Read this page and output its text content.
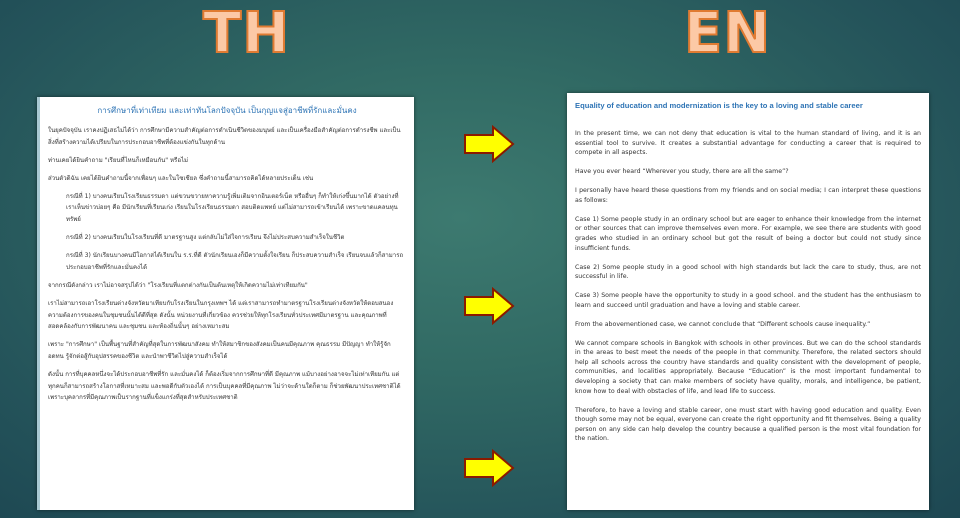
TH	EN
การศึกษาที่เท่าเทียม และเท่าทันโลกปัจจุบัน เป็นกุญแจสู่อาชีพที่รักและมั่นคง

ในยุคปัจจุบัน เราคงปฏิเสธไม่ได้ว่า การศึกษามีความสำคัญต่อการดำเนินชีวิตของมนุษย์ และเป็นเครื่องมือสำคัญต่อการดำรงชีพ และเป็นสิ่งที่สร้างความได้เปรียบในการประกอบอาชีพที่ต้องแข่งกันในทุกด้าน

ท่านเคยได้ยินคำถาม "เรียนที่ไหนก็เหมือนกัน" หรือไม่

ส่วนตัวดิฉัน เคยได้ยินคำถามนี้จากเพื่อนๆ และในโซเชียล ซึ่งคำถามนี้สามารถคิดได้หลายประเด็น เช่น

กรณีที่ 1) บางคนเรียนโรงเรียนธรรมดา แต่ขวนขวายหาความรู้เพิ่มเติมจากอินเตอร์เน็ต หรืออื่นๆ ก็ทำให้เก่งขึ้นมากได้ ตัวอย่างที่เราเห็นข่าวบ่อยๆ คือ มีนักเรียนที่เรียนเก่ง เรียนในโรงเรียนธรรมดา สอบติดแพทย์ แต่ไม่สามารถเข้าเรียนได้ เพราะขาดแคลนทุนทรัพย์

กรณีที่ 2) บางคนเรียนในโรงเรียนที่ดี มาตรฐานสูง แต่กลับไม่ใส่ใจการเรียน จึงไม่ประสบความสำเร็จในชีวิต

กรณีที่ 3) นักเรียนบางคนมีโอกาสได้เรียนใน ร.ร.ที่ดี ตัวนักเรียนเองก็มีความตั้งใจเรียน ก็ประสบความสำเร็จ เรียนจบแล้วก็สามารถประกอบอาชีพที่รักและมั่นคงได้

จากกรณีดังกล่าว เราไม่อาจสรุปได้ว่า "โรงเรียนที่แตกต่างกันเป็นต้นเหตุให้เกิดความไม่เท่าเทียมกัน"

เราไม่สามารถเอาโรงเรียนต่างจังหวัดมาเทียบกับโรงเรียนในกรุงเทพฯ ได้ แต่เราสามารถทำมาตรฐานโรงเรียนต่างจังหวัดให้ตอบสนองความต้องการของคนในชุมชนนั้นได้ดีที่สุด ดังนั้น หน่วยงานที่เกี่ยวข้อง ควรช่วยให้ทุกโรงเรียนทั่วประเทศมีมาตรฐาน และคุณภาพที่สอดคล้องกับการพัฒนาคน และชุมชน และท้องถิ่นนั้นๆ อย่างเหมาะสม

เพราะ "การศึกษา" เป็นพื้นฐานที่สำคัญที่สุดในการพัฒนาสังคม ทำให้สมาชิกของสังคมเป็นคนมีคุณภาพ คุณธรรม มีปัญญา ทำให้รู้จักอดทน รู้จักต่อสู้กับอุปสรรคของชีวิต และนำพาชีวิตไปสู่ความสำเร็จได้

ดังนั้น การที่บุคคลหนึ่งจะได้ประกอบอาชีพที่รัก และมั่นคงได้ ก็ต้องเริ่มจากการศึกษาที่ดี มีคุณภาพ แม้บางอย่างอาจจะไม่เท่าเทียมกัน แต่ทุกคนก็สามารถสร้างโอกาสที่เหมาะสม และพอดีกับตัวเองได้ การเป็นบุคคลที่มีคุณภาพ ไม่ว่าจะด้านใดก็ตาม ก็ช่วยพัฒนาประเทศชาติได้ เพราะบุคลากรที่มีคุณภาพเป็นรากฐานที่แข็งแกร่งที่สุดสำหรับประเทศชาติ

Equality of education and modernization is the key to a loving and stable career

In the present time, we can not deny that education is vital to the human standard of living, and it is an essential tool to survive. It creates a substantial advantage for conducting a career that is required to compete in all aspects.

Have you ever heard “Wherever you study, there are all the same”?

I personally have heard these questions from my friends and on social media; I can interpret these questions as follows:

Case 1) Some people study in an ordinary school but are eager to enhance their knowledge from the internet or other sources that can improve themselves even more. For example, we see there are students with good grades who studied in an ordinary school but got the result of being a doctor but could not study since insufficient funds.

Case 2) Some people study in a good school with high standards but lack the care to study, thus, are not successful in life.

Case 3) Some people have the opportunity to study in a good school. and the student has the enthusiasm to learn and succeed until graduation and have a loving and stable career.

From the abovementioned case, we cannot conclude that “Different schools cause inequality.”

We cannot compare schools in Bangkok with schools in other provinces. But we can do the school standards in the areas to best meet the needs of the people in that community. Therefore, the related sectors should help all schools across the country have standards and quality consistent with the development of people, communities, and localities appropriately. Because “Education” is the most important fundamental to developing a society that can make members of society have quality, morals, and intelligence, be patient, know how to deal with obstacles of life, and lead life to success.

Therefore, to have a loving and stable career, one must start with having good education and quality. Even though some may not be equal, everyone can create the right opportunity and fit themselves. Being a quality person on any side can help develop the country because a qualified person is the most vital foundation for the nation.
